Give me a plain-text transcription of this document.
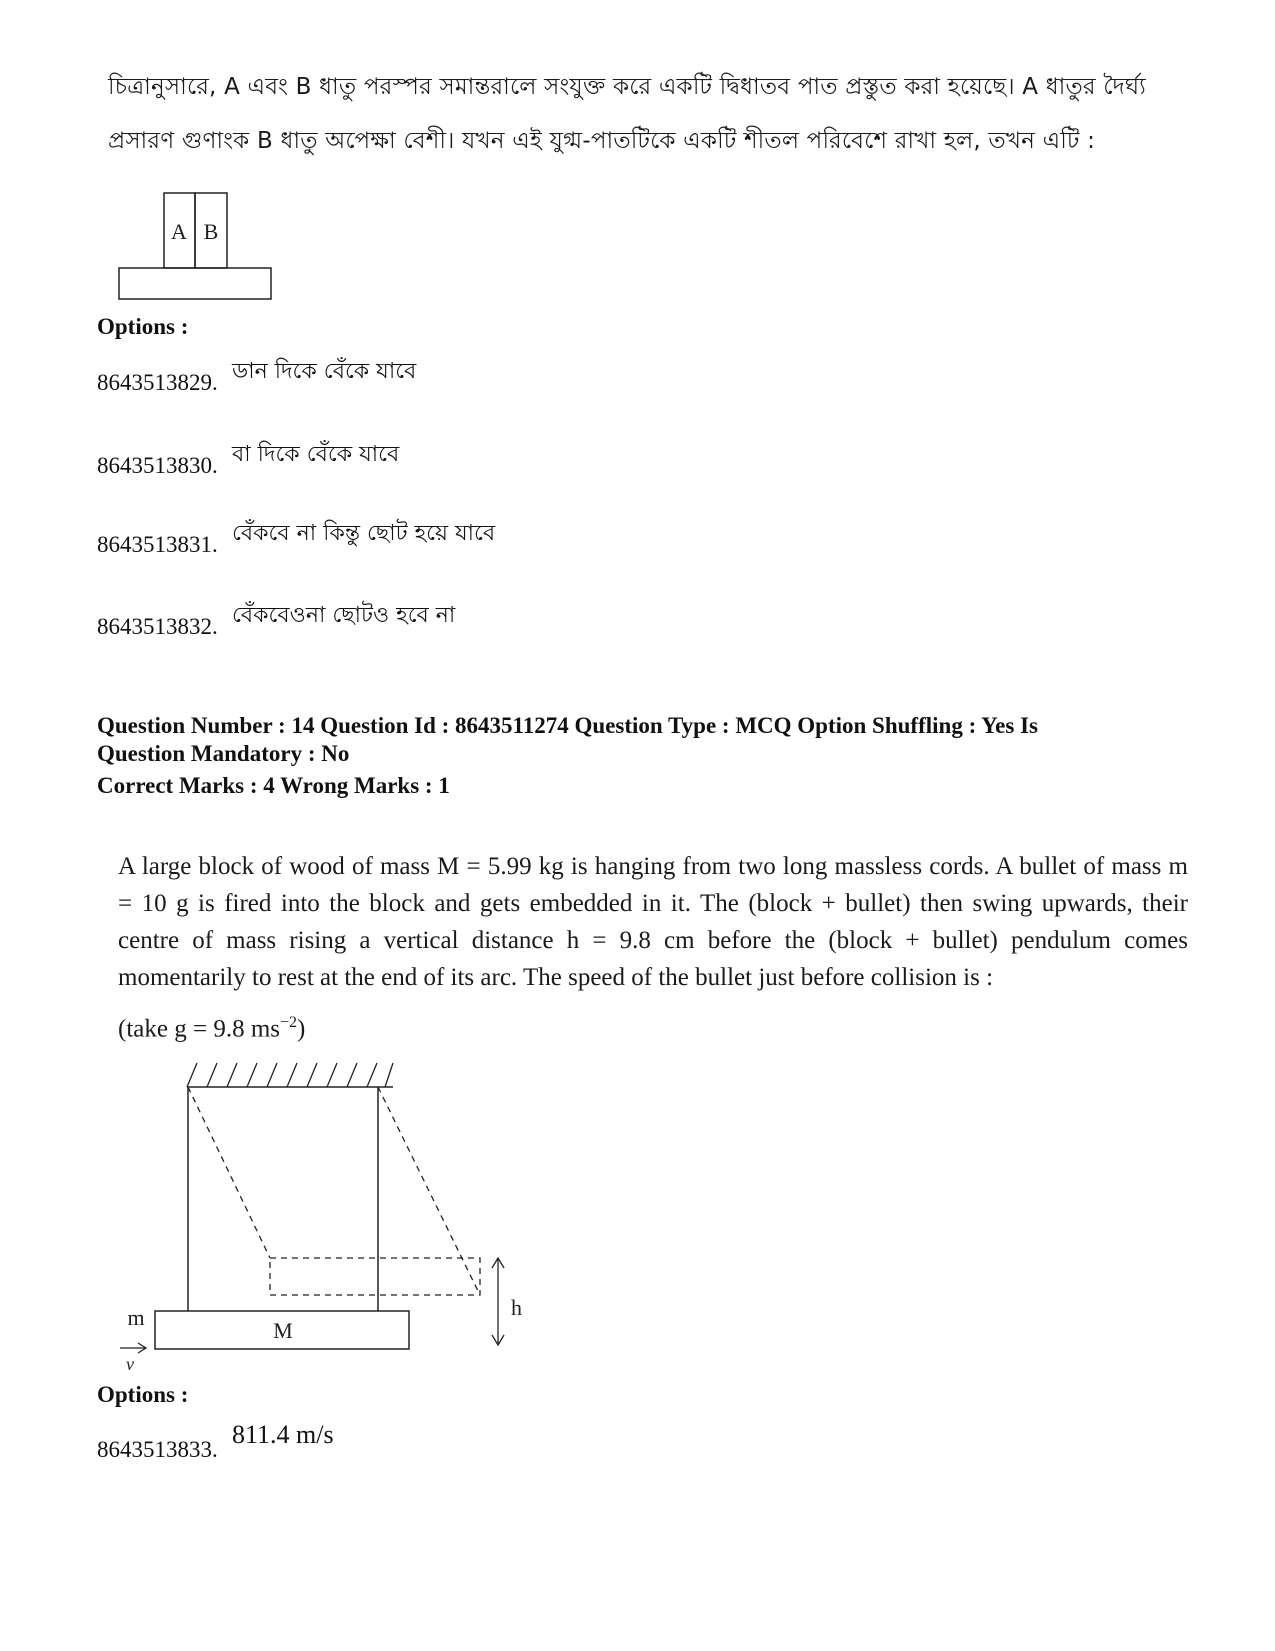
চিত্রানুসারে, A এবং B ধাতু পরস্পর সমান্তরালে সংযুক্ত করে একটি দ্বিধাতব পাত প্রস্তুত করা হয়েছে। A ধাতুর দৈর্ঘ্য

প্রসারণ গুণাংক B ধাতু অপেক্ষা বেশী। যখন এই যুগ্ম-পাতটিকে একটি শীতল পরিবেশে রাখা হল, তখন এটি :

A B
Options :
8643513829. ডান দিকে বেঁকে যাবে
8643513830. বা দিকে বেঁকে যাবে
8643513831. বেঁকবে না কিন্তু ছোট হয়ে যাবে
8643513832. বেঁকবেওনা ছোটও হবে না
Question Number : 14 Question Id : 8643511274 Question Type : MCQ Option Shuffling : Yes Is
Question Mandatory : No
Correct Marks : 4 Wrong Marks : 1

A large block of wood of mass M = 5.99 kg is hanging from two long massless cords. A bullet of mass m = 10 g is fired into the block and gets embedded in it. The (block + bullet) then swing upwards, their centre of mass rising a vertical distance h = 9.8 cm before the (block + bullet) pendulum comes momentarily to rest at the end of its arc. The speed of the bullet just before collision is :

(take g = 9.8 $ms^{-2}$)

M
m
v
h
Options :
8643513833.
811.4 m/s
